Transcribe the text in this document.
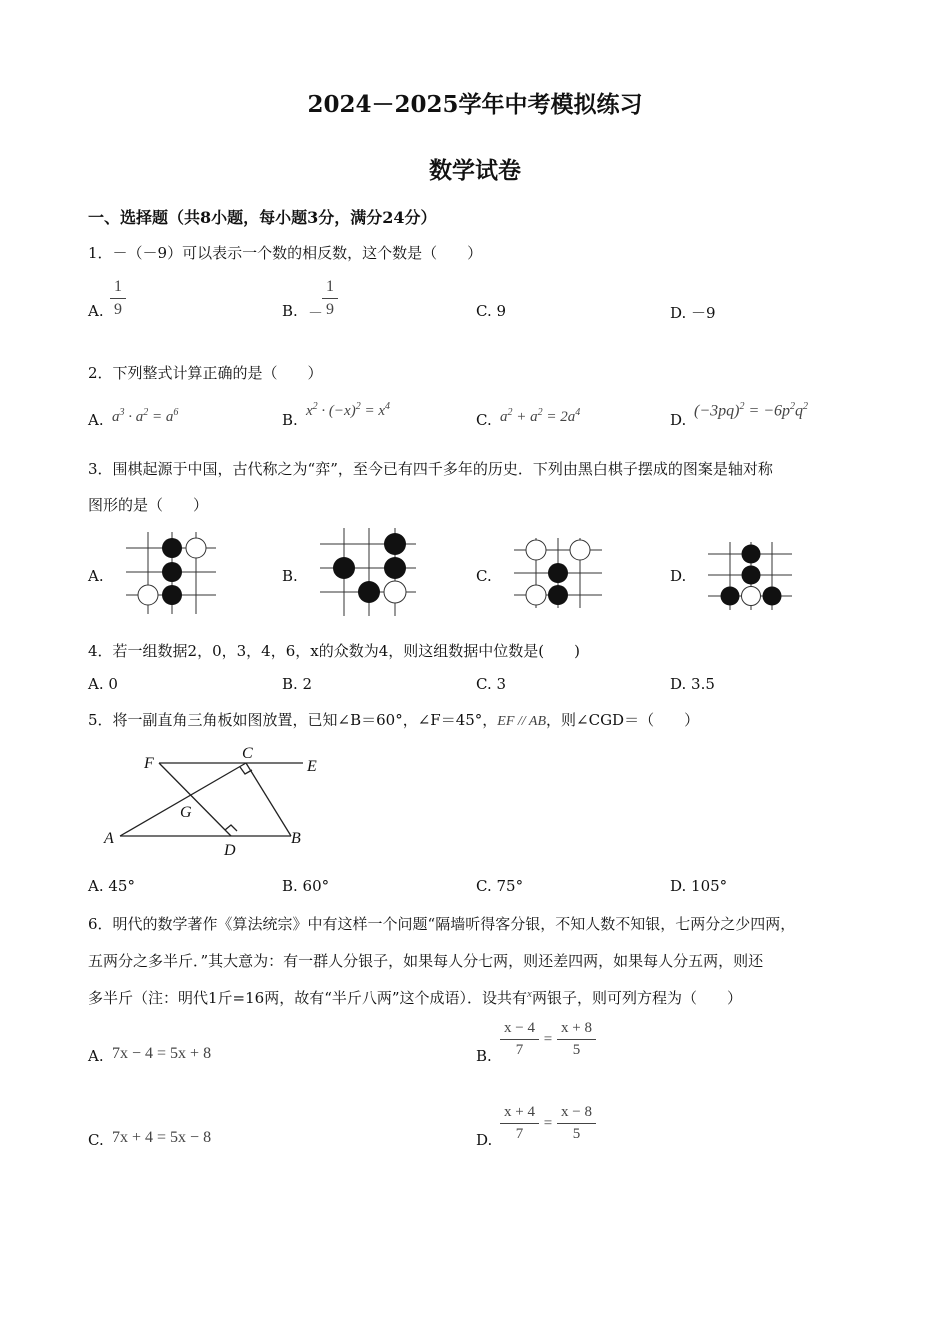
2024－2025学年中考模拟练习
数学试卷
一、选择题（共8小题，每小题3分，满分24分）
1．－（－9）可以表示一个数的相反数，这个数是（　　）
A. $\frac{1}{9}$	B. －
$\frac{1}{9}$	C. 9	D. －9
2．下列整式计算正确的是（　　）
A. $a^3 \cdot a^2 = a^6$	B. $x^2 \cdot (-x)^2 = x^4$
C. $a^2 + a^2 = 2a^4$	D.
$(-3pq)^2 = -6p^2q^2$
3．围棋起源于中国，古代称之为“弈”，至今已有四千多年的历史．下列由黑白棋子摆成的图案是轴对称
图形的是（　　）
A.	B.	C.	D.
4．若一组数据2，0，3，4，6，x的众数为4，则这组数据中位数是(　　)
A. 0	B. 2	C. 3	D. 3.5
5．将一副直角三角板如图放置，已知∠B＝60°，∠F＝45°，EF // AB，则∠CGD＝（　　）
F
C
E
G
A
D
B
A. 45°	B. 60°	C. 75°	D. 105°
6．明代的数学著作《算法统宗》中有这样一个问题“隔墙听得客分银，不知人数不知银，七两分之少四两，
五两分之多半斤．”其大意为：有一群人分银子，如果每人分七两，则还差四两，如果每人分五两，则还
多半斤（注：明代1斤=16两，故有“半斤八两”这个成语）．设共有$^x$两银子，则可列方程为（　　）
A. 7x − 4 = 5x + 8	B. $\frac{x - 4}{7} = \frac{x + 8}{5}$
C. 7x + 4 = 5x − 8	D. $\frac{x + 4}{7} = \frac{x - 8}{5}$
